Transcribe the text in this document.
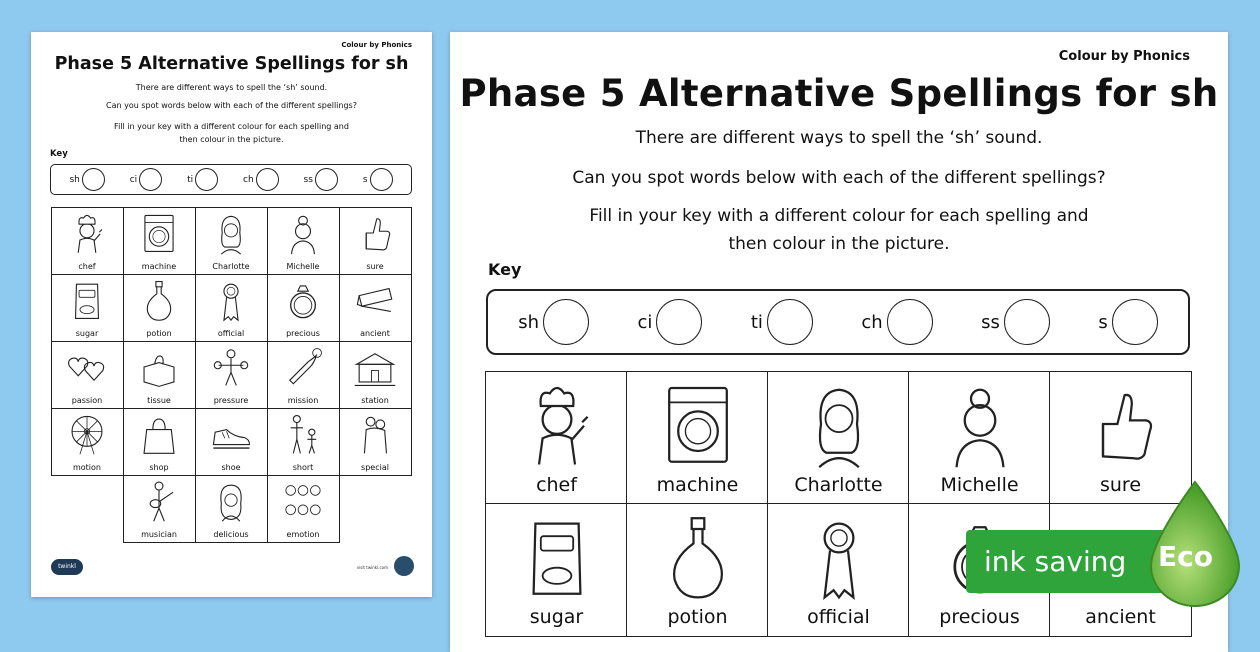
Colour by Phonics
Phase 5 Alternative Spellings for sh
There are different ways to spell the ‘sh’ sound.
Can you spot words below with each of the different spellings?
Fill in your key with a different colour for each spelling and
then colour in the picture.
Key
sh	ci	ti	ch	ss	s
chef	machine	Charlotte	Michelle	sure
sugar	potion	official	precious	ancient
passion	tissue	pressure	mission	station
motion	shop	shoe	short	special
musician	delicious	emotion
twinkl	visit twinkl.com
Colour by Phonics
Phase 5 Alternative Spellings for sh
There are different ways to spell the ‘sh’ sound.
Can you spot words below with each of the different spellings?
Fill in your key with a different colour for each spelling and
then colour in the picture.
Key
sh	ci	ti	ch	ss	s
chef	machine	Charlotte	Michelle	sure
sugar	potion	official	precious	ancient
ink saving	Eco
